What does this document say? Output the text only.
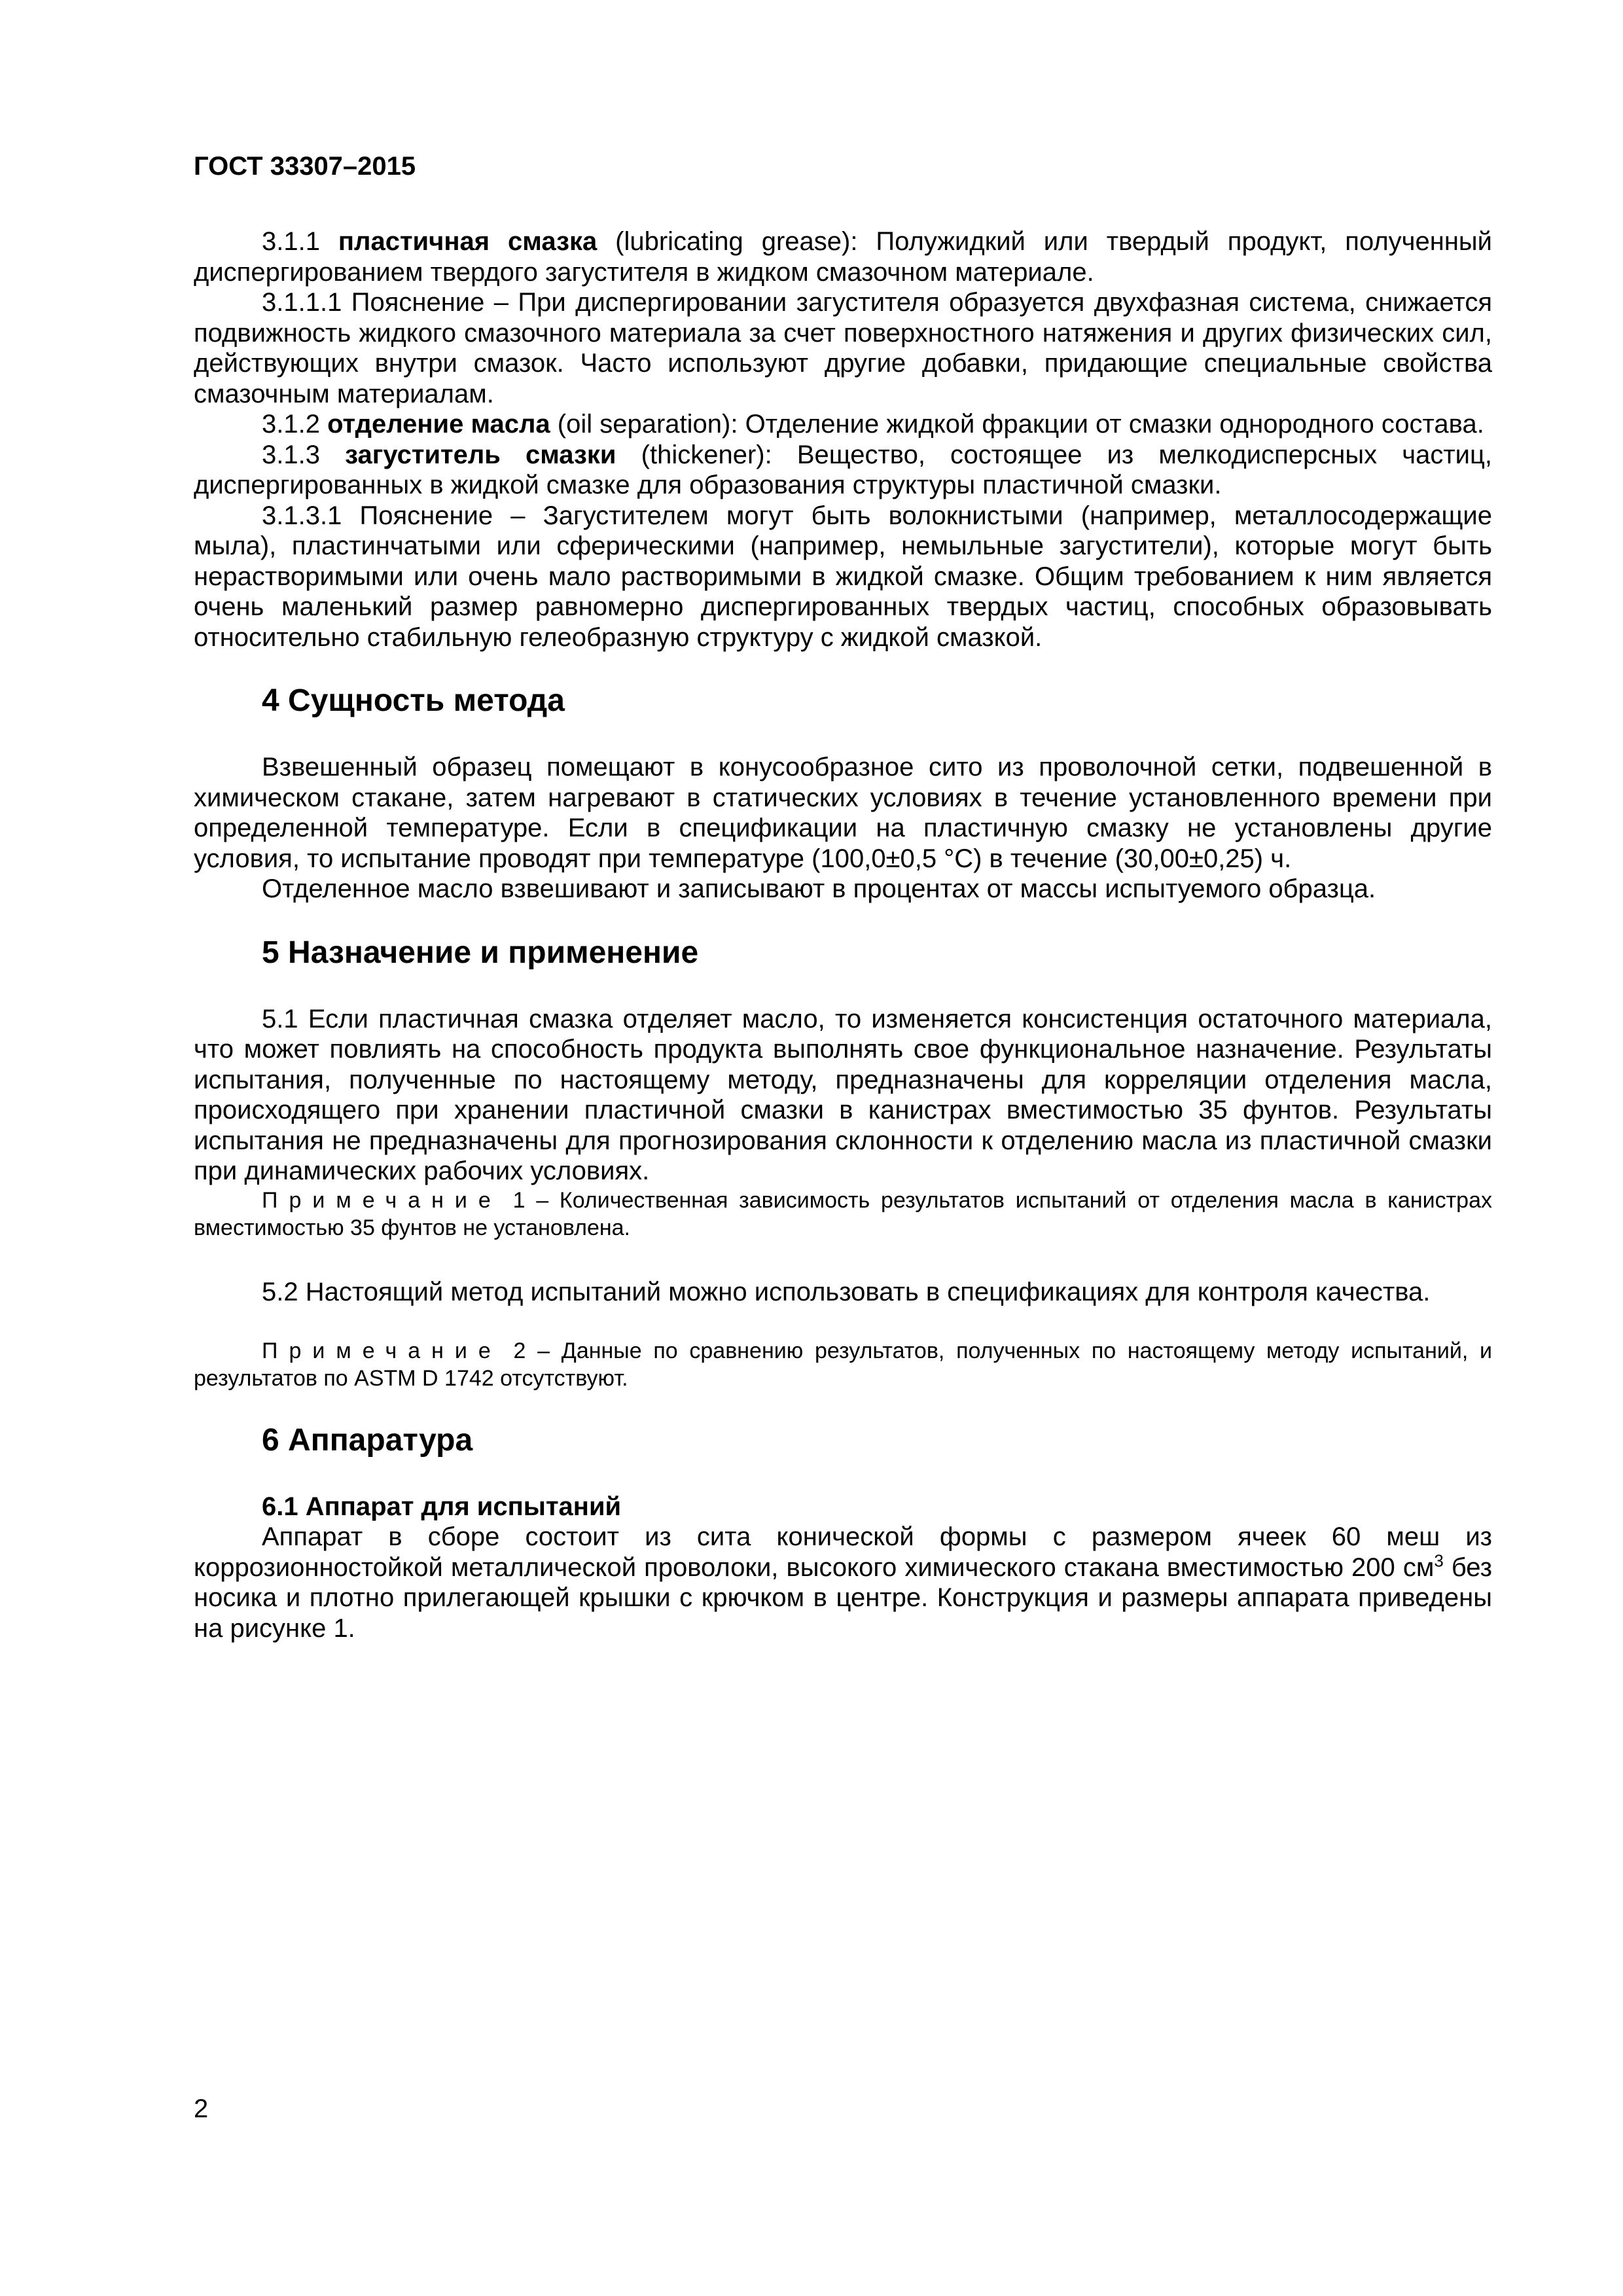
ГОСТ 33307–2015

3.1.1 пластичная смазка (lubricating grease): Полужидкий или твердый продукт, полученный диспергированием твердого загустителя в жидком смазочном материале.

3.1.1.1 Пояснение – При диспергировании загустителя образуется двухфазная система, снижается подвижность жидкого смазочного материала за счет поверхностного натяжения и других физических сил, действующих внутри смазок. Часто используют другие добавки, придающие специальные свойства смазочным материалам.

3.1.2 отделение масла (oil separation): Отделение жидкой фракции от смазки однородного состава.

3.1.3 загуститель смазки (thickener): Вещество, состоящее из мелкодисперсных частиц, диспергированных в жидкой смазке для образования структуры пластичной смазки.

3.1.3.1 Пояснение – Загустителем могут быть волокнистыми (например, металлосодержащие мыла), пластинчатыми или сферическими (например, немыльные загустители), которые могут быть нерастворимыми или очень мало растворимыми в жидкой смазке. Общим требованием к ним является очень маленький размер равномерно диспергированных твердых частиц, способных образовывать относительно стабильную гелеобразную структуру с жидкой смазкой.

4 Сущность метода

Взвешенный образец помещают в конусообразное сито из проволочной сетки, подвешенной в химическом стакане, затем нагревают в статических условиях в течение установленного времени при определенной температуре. Если в спецификации на пластичную смазку не установлены другие условия, то испытание проводят при температуре (100,0±0,5 °С) в течение (30,00±0,25) ч.

Отделенное масло взвешивают и записывают в процентах от массы испытуемого образца.

5 Назначение и применение

5.1 Если пластичная смазка отделяет масло, то изменяется консистенция остаточного материала, что может повлиять на способность продукта выполнять свое функциональное назначение. Результаты испытания, полученные по настоящему методу, предназначены для корреляции отделения масла, происходящего при хранении пластичной смазки в канистрах вместимостью 35 фунтов. Результаты испытания не предназначены для прогнозирования склонности к отделению масла из пластичной смазки при динамических рабочих условиях.

Примечание 1 – Количественная зависимость результатов испытаний от отделения масла в канистрах вместимостью 35 фунтов не установлена.

5.2 Настоящий метод испытаний можно использовать в спецификациях для контроля качества.

Примечание 2 – Данные по сравнению результатов, полученных по настоящему методу испытаний, и результатов по ASTM D 1742 отсутствуют.
6 Аппаратура
6.1 Аппарат для испытаний

Аппарат в сборе состоит из сита конической формы с размером ячеек 60 меш из коррозионностойкой металлической проволоки, высокого химического стакана вместимостью 200 $см^3$ без носика и плотно прилегающей крышки с крючком в центре. Конструкция и размеры аппарата приведены на рисунке 1.

2
